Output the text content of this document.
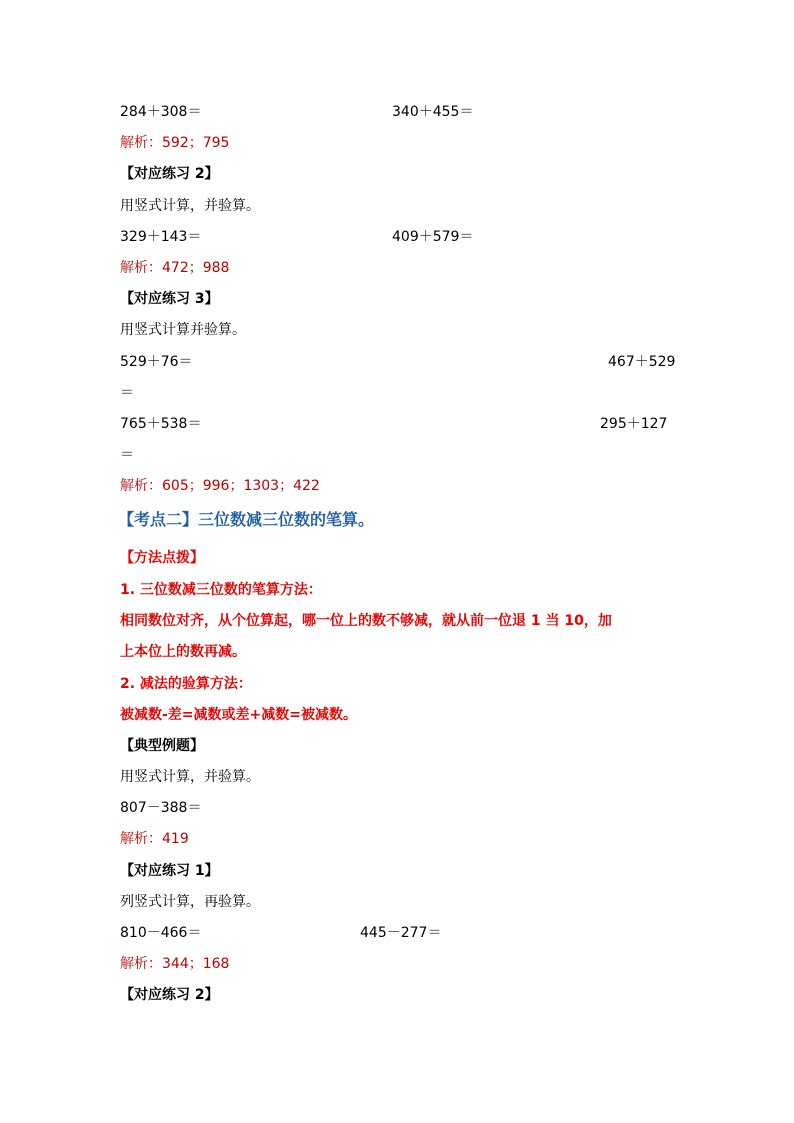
284＋308＝	340＋455＝
解析：592；795
【对应练习 2】
用竖式计算，并验算。
329＋143＝	409＋579＝
解析：472；988
【对应练习 3】
用竖式计算并验算。
529＋76＝	467＋529
＝
765＋538＝	295＋127
＝
解析：605；996；1303；422
【考点二】三位数减三位数的笔算。
【方法点拨】
1. 三位数减三位数的笔算方法：
相同数位对齐，从个位算起，哪一位上的数不够减，就从前一位退 1 当 10，加
上本位上的数再减。
2. 减法的验算方法：
被减数-差=减数或差+减数=被减数。
【典型例题】
用竖式计算，并验算。
807－388＝
解析：419
【对应练习 1】
列竖式计算，再验算。
810－466＝	445－277＝
解析：344；168
【对应练习 2】
